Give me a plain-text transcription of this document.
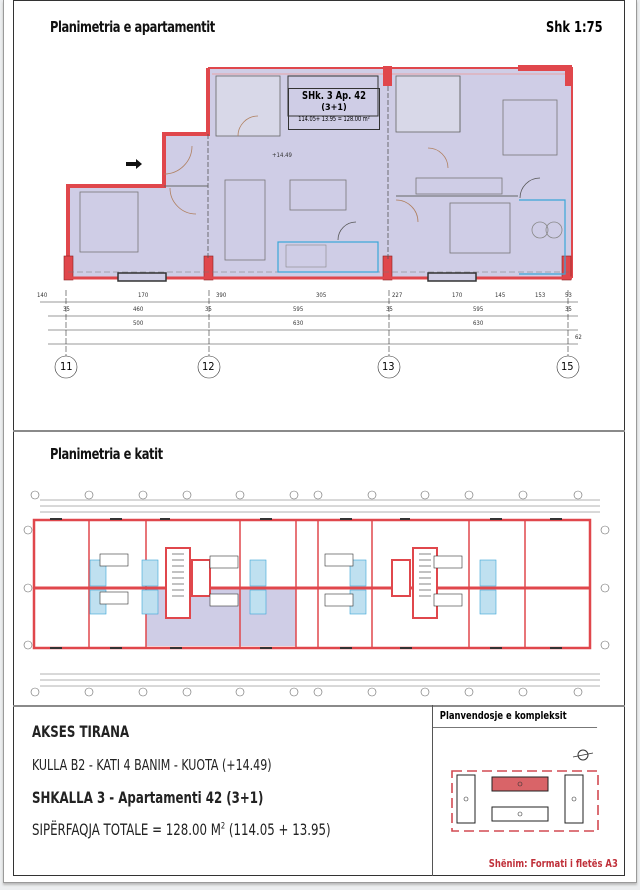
Planimetria e apartamentit	Shk 1:75
SHk. 3 Ap. 42
(3+1)
114.05+ 13.95 = 128.00 m²
+14.49
140	170	390	305	227	170	145	153	53
35	460	35	595	35	595	35
500	630	630
62
11	12	13	15
Planimetria e katit
AKSES TIRANA
KULLA B2 - KATI 4 BANIM - KUOTA (+14.49)
SHKALLA 3 - Apartamenti 42 (3+1)
SIPËRFAQJA TOTALE = 128.00 $M^2$ (114.05 + 13.95)
Planvendosje e kompleksit
Shënim: Formati i fletës A3
